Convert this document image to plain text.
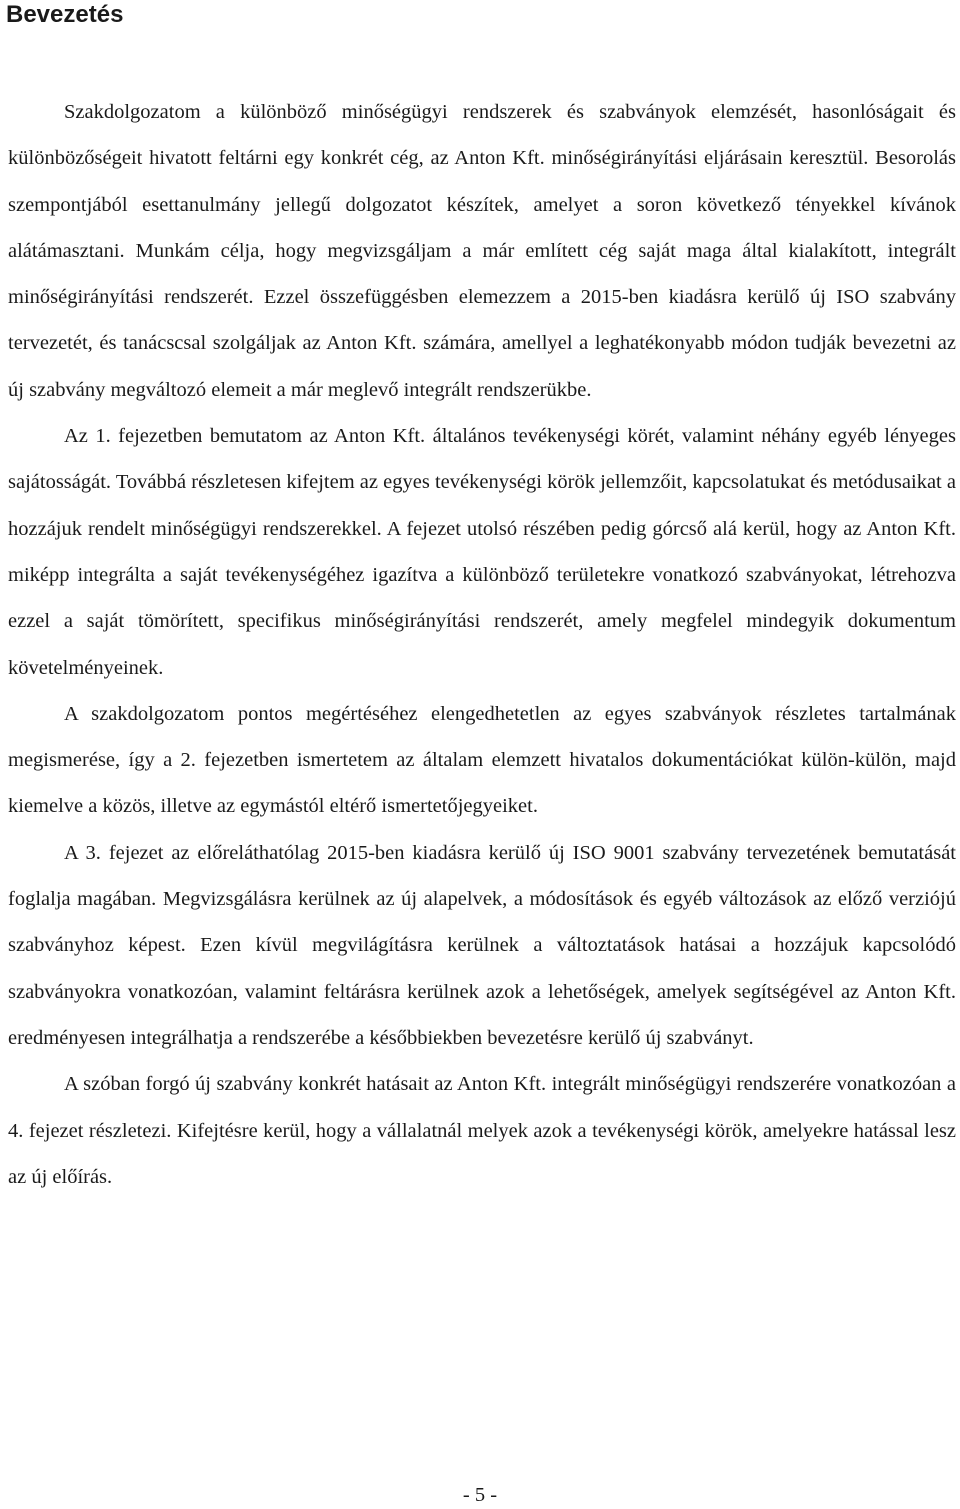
Bevezetés

Szakdolgozatom a különböző minőségügyi rendszerek és szabványok elemzését, hasonlóságait és különbözőségeit hivatott feltárni egy konkrét cég, az Anton Kft. minőségirányítási eljárásain keresztül. Besorolás szempontjából esettanulmány jellegű dolgozatot készítek, amelyet a soron következő tényekkel kívánok alátámasztani. Munkám célja, hogy megvizsgáljam a már említett cég saját maga által kialakított, integrált minőségirányítási rendszerét. Ezzel összefüggésben elemezzem a 2015-ben kiadásra kerülő új ISO szabvány tervezetét, és tanácscsal szolgáljak az Anton Kft. számára, amellyel a leghatékonyabb módon tudják bevezetni az új szabvány megváltozó elemeit a már meglevő integrált rendszerükbe.

Az 1. fejezetben bemutatom az Anton Kft. általános tevékenységi körét, valamint néhány egyéb lényeges sajátosságát. Továbbá részletesen kifejtem az egyes tevékenységi körök jellemzőit, kapcsolatukat és metódusaikat a hozzájuk rendelt minőségügyi rendszerekkel. A fejezet utolsó részében pedig górcső alá kerül, hogy az Anton Kft. miképp integrálta a saját tevékenységéhez igazítva a különböző területekre vonatkozó szabványokat, létrehozva ezzel a saját tömörített, specifikus minőségirányítási rendszerét, amely megfelel mindegyik dokumentum követelményeinek.

A szakdolgozatom pontos megértéséhez elengedhetetlen az egyes szabványok részletes tartalmának megismerése, így a 2. fejezetben ismertetem az általam elemzett hivatalos dokumentációkat külön-külön, majd kiemelve a közös, illetve az egymástól eltérő ismertetőjegyeiket.

A 3. fejezet az előreláthatólag 2015-ben kiadásra kerülő új ISO 9001 szabvány tervezetének bemutatását foglalja magában. Megvizsgálásra kerülnek az új alapelvek, a módosítások és egyéb változások az előző verziójú szabványhoz képest. Ezen kívül megvilágításra kerülnek a változtatások hatásai a hozzájuk kapcsolódó szabványokra vonatkozóan, valamint feltárásra kerülnek azok a lehetőségek, amelyek segítségével az Anton Kft. eredményesen integrálhatja a rendszerébe a későbbiekben bevezetésre kerülő új szabványt.

A szóban forgó új szabvány konkrét hatásait az Anton Kft. integrált minőségügyi rendszerére vonatkozóan a 4. fejezet részletezi. Kifejtésre kerül, hogy a vállalatnál melyek azok a tevékenységi körök, amelyekre hatással lesz az új előírás.

- 5 -
